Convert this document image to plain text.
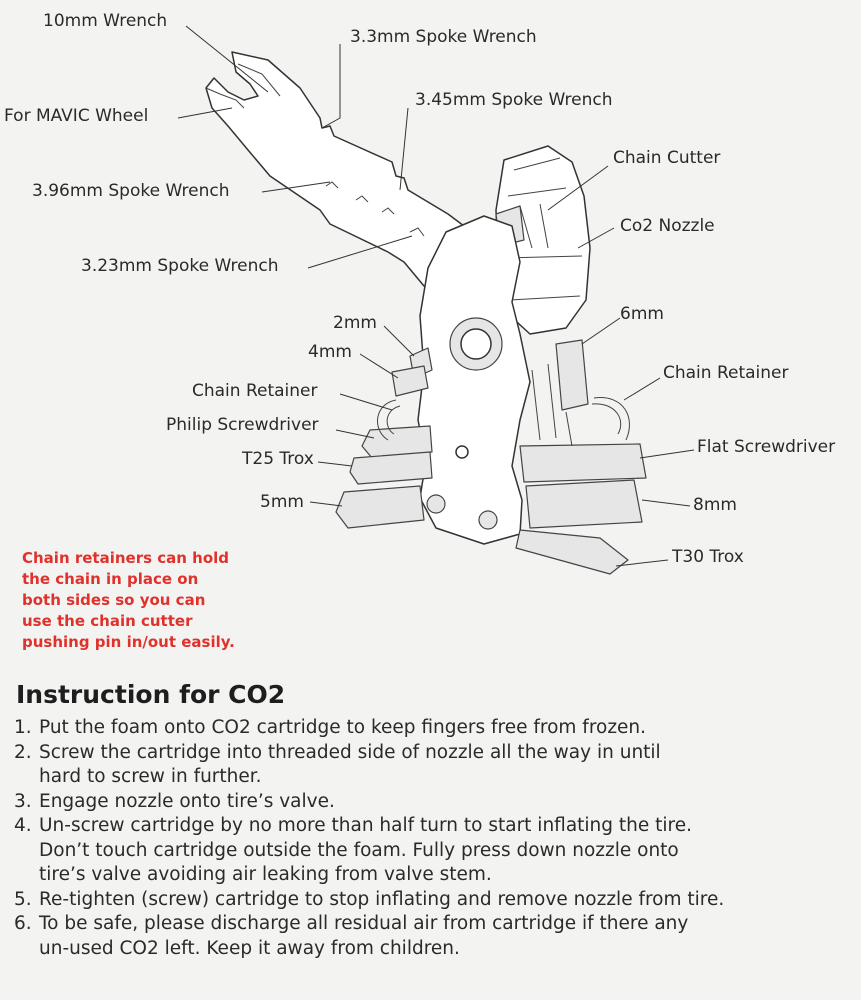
10mm Wrench
3.3mm Spoke Wrench
3.45mm Spoke Wrench
For MAVIC Wheel
Chain Cutter
3.96mm Spoke Wrench
Co2 Nozzle
3.23mm Spoke Wrench
6mm
2mm
4mm
Chain Retainer
Chain Retainer
Philip Screwdriver
Flat Screwdriver
T25 Trox
5mm	8mm
T30 Trox
Chain retainers can hold
the chain in place on
both sides so you can
use the chain cutter
pushing pin in/out easily.
Instruction for CO2
1. Put the foam onto CO2 cartridge to keep fingers free from frozen.
2. Screw the cartridge into threaded side of nozzle all the way in until
hard to screw in further.
3. Engage nozzle onto tire’s valve.
4. Un-screw cartridge by no more than half turn to start inflating the tire.
Don’t touch cartridge outside the foam. Fully press down nozzle onto
tire’s valve avoiding air leaking from valve stem.
5. Re-tighten (screw) cartridge to stop inflating and remove nozzle from tire.
6. To be safe, please discharge all residual air from cartridge if there any
un-used CO2 left. Keep it away from children.
